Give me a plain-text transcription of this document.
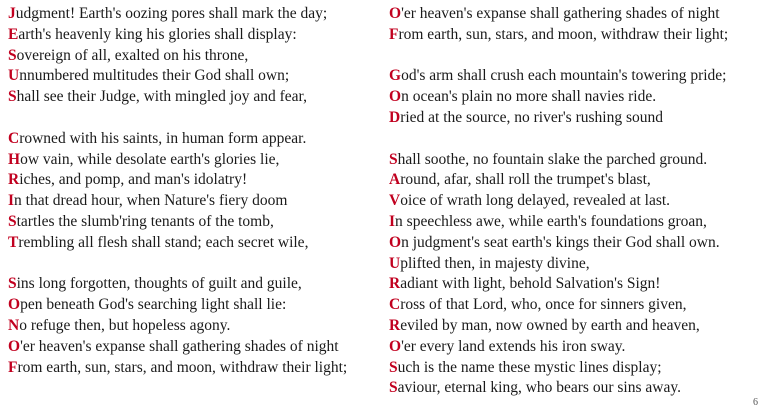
Judgment! Earth's oozing pores shall mark the day;
Earth's heavenly king his glories shall display:
Sovereign of all, exalted on his throne,
Unnumbered multitudes their God shall own;
Shall see their Judge, with mingled joy and fear,
Crowned with his saints, in human form appear.
How vain, while desolate earth's glories lie,
Riches, and pomp, and man's idolatry!
In that dread hour, when Nature's fiery doom
Startles the slumb'ring tenants of the tomb,
Trembling all flesh shall stand; each secret wile,
Sins long forgotten, thoughts of guilt and guile,
Open beneath God's searching light shall lie:
No refuge then, but hopeless agony.
O'er heaven's expanse shall gathering shades of night
From earth, sun, stars, and moon, withdraw their light;
O'er heaven's expanse shall gathering shades of night
From earth, sun, stars, and moon, withdraw their light;
God's arm shall crush each mountain's towering pride;
On ocean's plain no more shall navies ride.
Dried at the source, no river's rushing sound
Shall soothe, no fountain slake the parched ground.
Around, afar, shall roll the trumpet's blast,
Voice of wrath long delayed, revealed at last.
In speechless awe, while earth's foundations groan,
On judgment's seat earth's kings their God shall own.
Uplifted then, in majesty divine,
Radiant with light, behold Salvation's Sign!
Cross of that Lord, who, once for sinners given,
Reviled by man, now owned by earth and heaven,
O'er every land extends his iron sway.
Such is the name these mystic lines display;
Saviour, eternal king, who bears our sins away.
6
